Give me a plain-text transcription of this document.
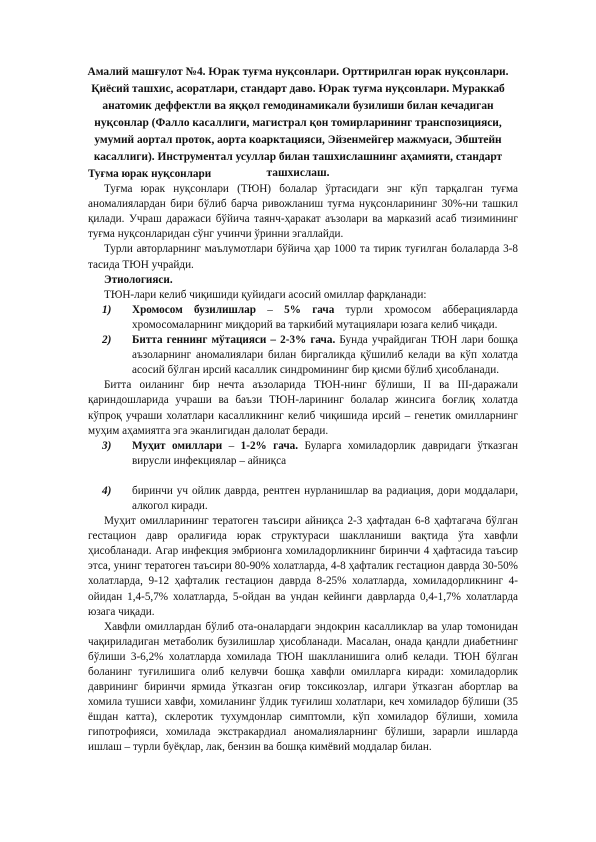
Амалий машғулот №4. Юрак туғма нуқсонлари. Орттирилган юрак нуқсонлари. Қиёсий ташхис, асоратлари, стандарт даво. Юрак туғма нуқсонлари. Мураккаб анатомик деффектли ва яққол гемодинамикали бузилиши билан кечадиган нуқсонлар (Фалло касаллиги, магистрал қон томирларининг транспозицияси, умумий аортал проток, аорта коарктацияси, Эйзенмейгер мажмуаси, Эбштейн касаллиги). Инструментал усуллар билан ташхислашнинг аҳамияти, стандарт ташхислаш.

Туғма юрак нуқсонлари

Туғма юрак нуқсонлари (ТЮН) болалар ўртасидаги энг кўп тарқалган туғма аномалиялардан бири бўлиб барча ривожланиш туғма нуқсонларининг 30%-ни ташкил қилади. Учраш даражаси бўйича таянч-ҳаракат аъзолари ва марказий асаб тизимининг туғма нуқсонларидан сўнг учинчи ўринни эгаллайди.

Турли авторларнинг маълумотлари бўйича ҳар 1000 та тирик туғилган болаларда 3-8 тасида ТЮН учрайди.

Этиологияси.

ТЮН-лари келиб чиқишиди қуйидаги асосий омиллар фарқланади:

1)	Хромосом бузилишлар – 5% гача турли хромосом абберацияларда хромосомаларнинг миқдорий ва таркибий мутациялари юзага келиб чиқади.
2)	Битта геннинг мўтацияси – 2-3% гача. Бунда учрайдиган ТЮН лари бошқа аъзоларнинг аномалиялари билан биргаликда қўшилиб келади ва кўп холатда асосий бўлган ирсий касаллик синдромининг бир қисми бўлиб ҳисобланади.

Битта оиланинг бир нечта аъзоларида ТЮН-нинг бўлиши, II ва III-даражали қариндошларида учраши ва баъзи ТЮН-ларининг болалар жинсига боғлиқ холатда кўпроқ учраши холатлари касалликнинг келиб чиқишида ирсий – генетик омилларнинг муҳим аҳамиятга эга эканлигидан далолат беради.

3)	Муҳит омиллари – 1-2% гача. Буларга хомиладорлик давридаги ўтказган вирусли инфекциялар – айниқса
4)	биринчи уч ойлик даврда, рентген нурланишлар ва радиация, дори моддалари, алкогол киради.

Муҳит омилларининг тератоген таъсири айниқса 2-3 ҳафтадан 6-8 ҳафтагача бўлган гестацион давр оралиғида юрак структураси шаклланиши вақтида ўта хавфли ҳисобланади. Агар инфекция эмбрионга хомиладорликнинг биринчи 4 ҳафтасида таъсир этса, унинг тератоген таъсири 80-90% холатларда, 4-8 ҳафталик гестацион даврда 30-50% холатларда, 9-12 ҳафталик гестацион даврда 8-25% холатларда, хомиладорликнинг 4-ойидан 1,4-5,7% холатларда, 5-ойдан ва ундан кейинги даврларда 0,4-1,7% холатларда юзага чиқади.

Хавфли омиллардан бўлиб ота-оналардаги эндокрин касалликлар ва улар томонидан чақириладиган метаболик бузилишлар ҳисобланади. Масалан, онада қандли диабетнинг бўлиши 3-6,2% холатларда хомилада ТЮН шаклланишига олиб келади. ТЮН бўлган боланинг туғилишига олиб келувчи бошқа хавфли омилларга киради: хомиладорлик даврининг биринчи ярмида ўтказган оғир токсикозлар, илгари ўтказган абортлар ва хомила тушиси хавфи, хомиланинг ўлдик туғилиш холатлари, кеч хомиладор бўлиши (35 ёшдан катта), склеротик тухумдонлар симптомли, кўп хомиладор бўлиши, хомила гипотрофияси, хомилада экстракардиал аномалияларнинг бўлиши, зарарли ишларда ишлаш – турли буёқлар, лак, бензин ва бошқа кимёвий моддалар билан.
